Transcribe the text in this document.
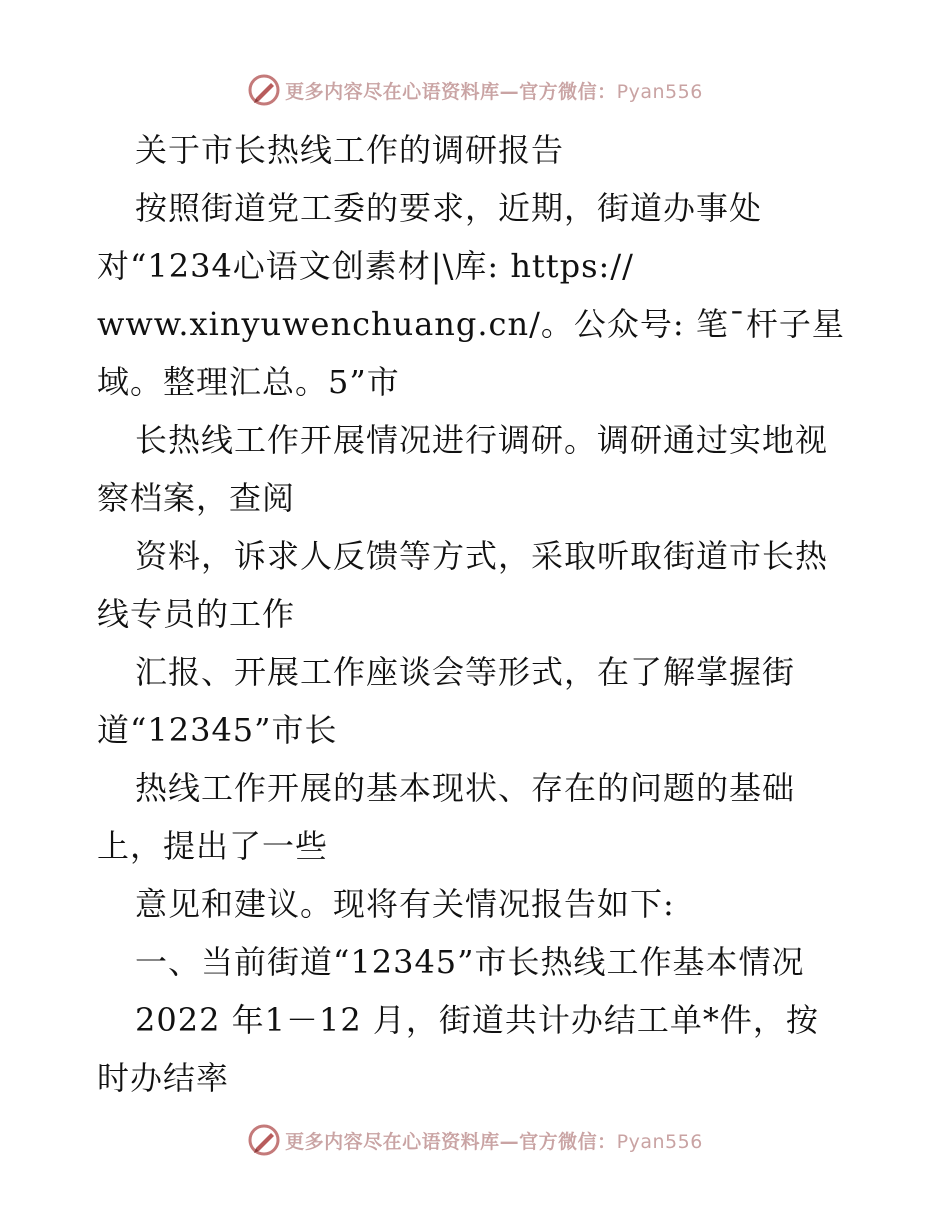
更多内容尽在心语资料库—官方微信：Pyan556
关于市长热线工作的调研报告
按照街道党工委的要求，近期，街道办事处
对“1234心语文创素材|\库: https://
www.xinyuwenchuang.cn/。公众号: 笔¯杆子星
域。整理汇总。5”市
长热线工作开展情况进行调研。调研通过实地视
察档案，查阅
资料，诉求人反馈等方式，采取听取街道市长热
线专员的工作
汇报、开展工作座谈会等形式，在了解掌握街
道“12345”市长
热线工作开展的基本现状、存在的问题的基础
上，提出了一些
意见和建议。现将有关情况报告如下:
一、当前街道“12345”市长热线工作基本情况
2022 年1－12 月，街道共计办结工单*件，按
时办结率
更多内容尽在心语资料库—官方微信：Pyan556
